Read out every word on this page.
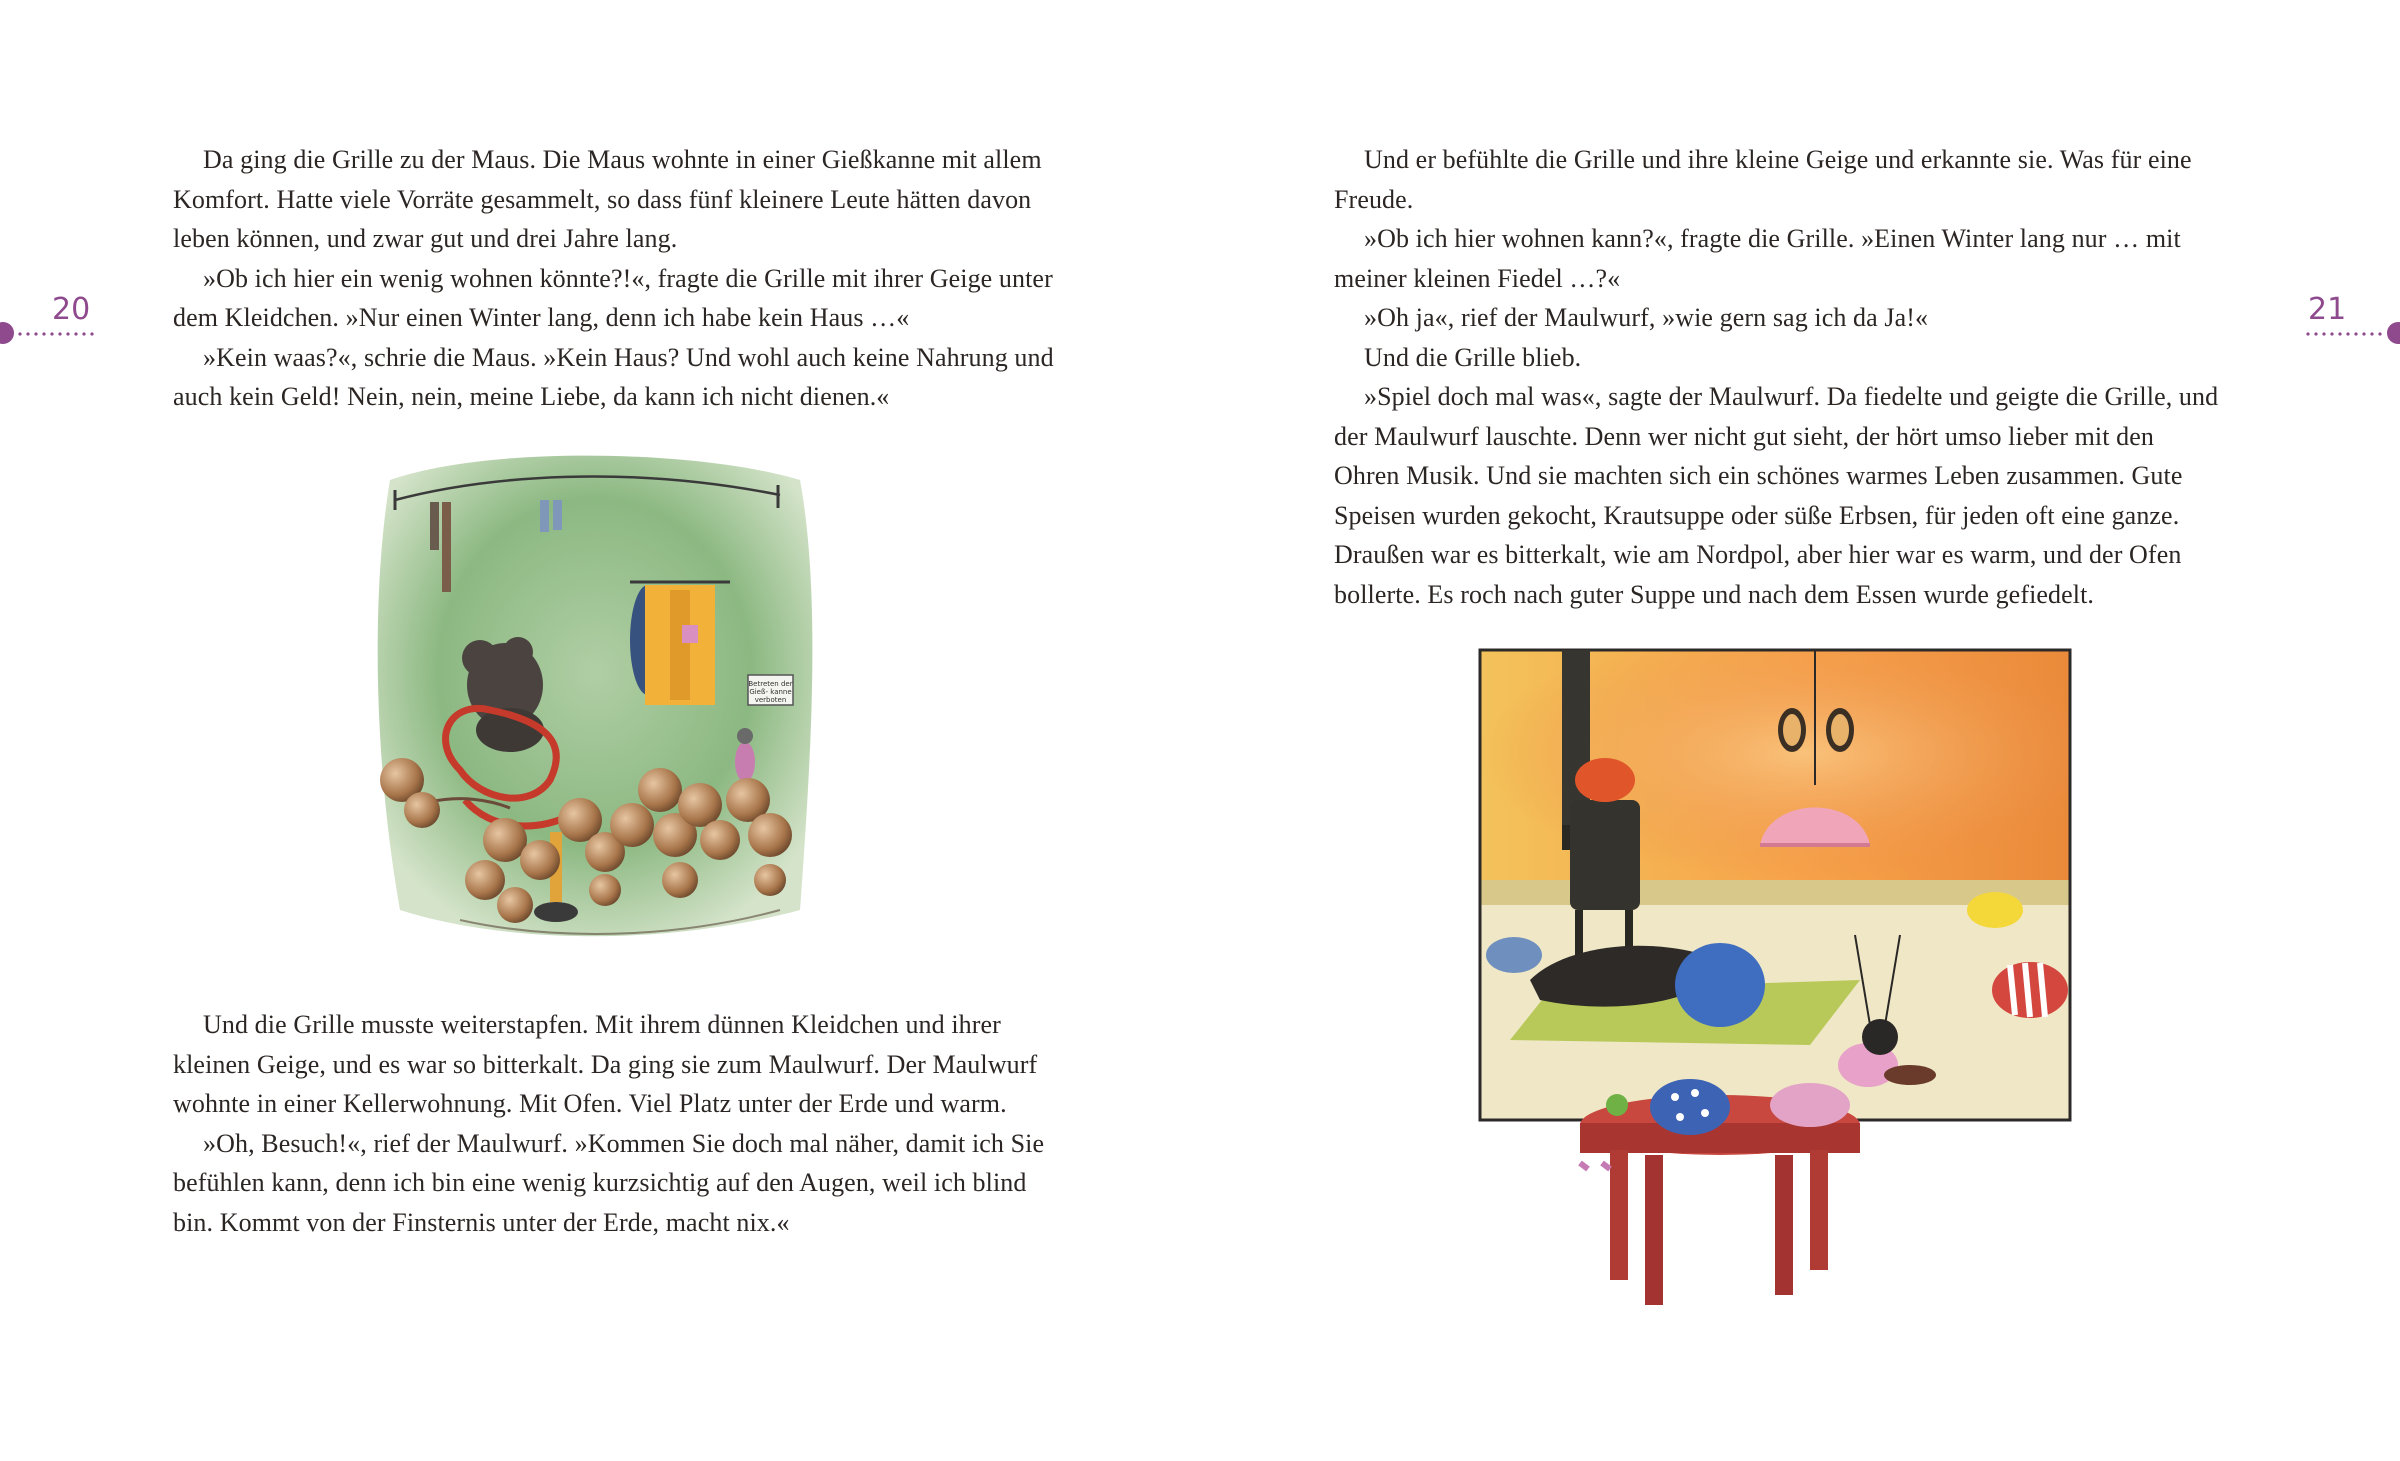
20

Da ging die Grille zu der Maus. Die Maus wohnte in einer Gießkanne mit allem

Komfort. Hatte viele Vorräte gesammelt, so dass fünf kleinere Leute hätten davon

leben können, und zwar gut und drei Jahre lang.

»Ob ich hier ein wenig wohnen könnte?!«, fragte die Grille mit ihrer Geige unter

dem Kleidchen. »Nur einen Winter lang, denn ich habe kein Haus …«

»Kein waas?«, schrie die Maus. »Kein Haus? Und wohl auch keine Nahrung und

auch kein Geld! Nein, nein, meine Liebe, da kann ich nicht dienen.«

Betreten der Gieß- kanne verboten

Und die Grille musste weiterstapfen. Mit ihrem dünnen Kleidchen und ihrer

kleinen Geige, und es war so bitterkalt. Da ging sie zum Maulwurf. Der Maulwurf

wohnte in einer Kellerwohnung. Mit Ofen. Viel Platz unter der Erde und warm.

»Oh, Besuch!«, rief der Maulwurf. »Kommen Sie doch mal näher, damit ich Sie

befühlen kann, denn ich bin eine wenig kurzsichtig auf den Augen, weil ich blind

bin. Kommt von der Finsternis unter der Erde, macht nix.«

21

Und er befühlte die Grille und ihre kleine Geige und erkannte sie. Was für eine

Freude.

»Ob ich hier wohnen kann?«, fragte die Grille. »Einen Winter lang nur … mit

meiner kleinen Fiedel …?«

»Oh ja«, rief der Maulwurf, »wie gern sag ich da Ja!«

Und die Grille blieb.

»Spiel doch mal was«, sagte der Maulwurf. Da fiedelte und geigte die Grille, und

der Maulwurf lauschte. Denn wer nicht gut sieht, der hört umso lieber mit den

Ohren Musik. Und sie machten sich ein schönes warmes Leben zusammen. Gute

Speisen wurden gekocht, Krautsuppe oder süße Erbsen, für jeden oft eine ganze.

Draußen war es bitterkalt, wie am Nordpol, aber hier war es warm, und der Ofen

bollerte. Es roch nach guter Suppe und nach dem Essen wurde gefiedelt.
